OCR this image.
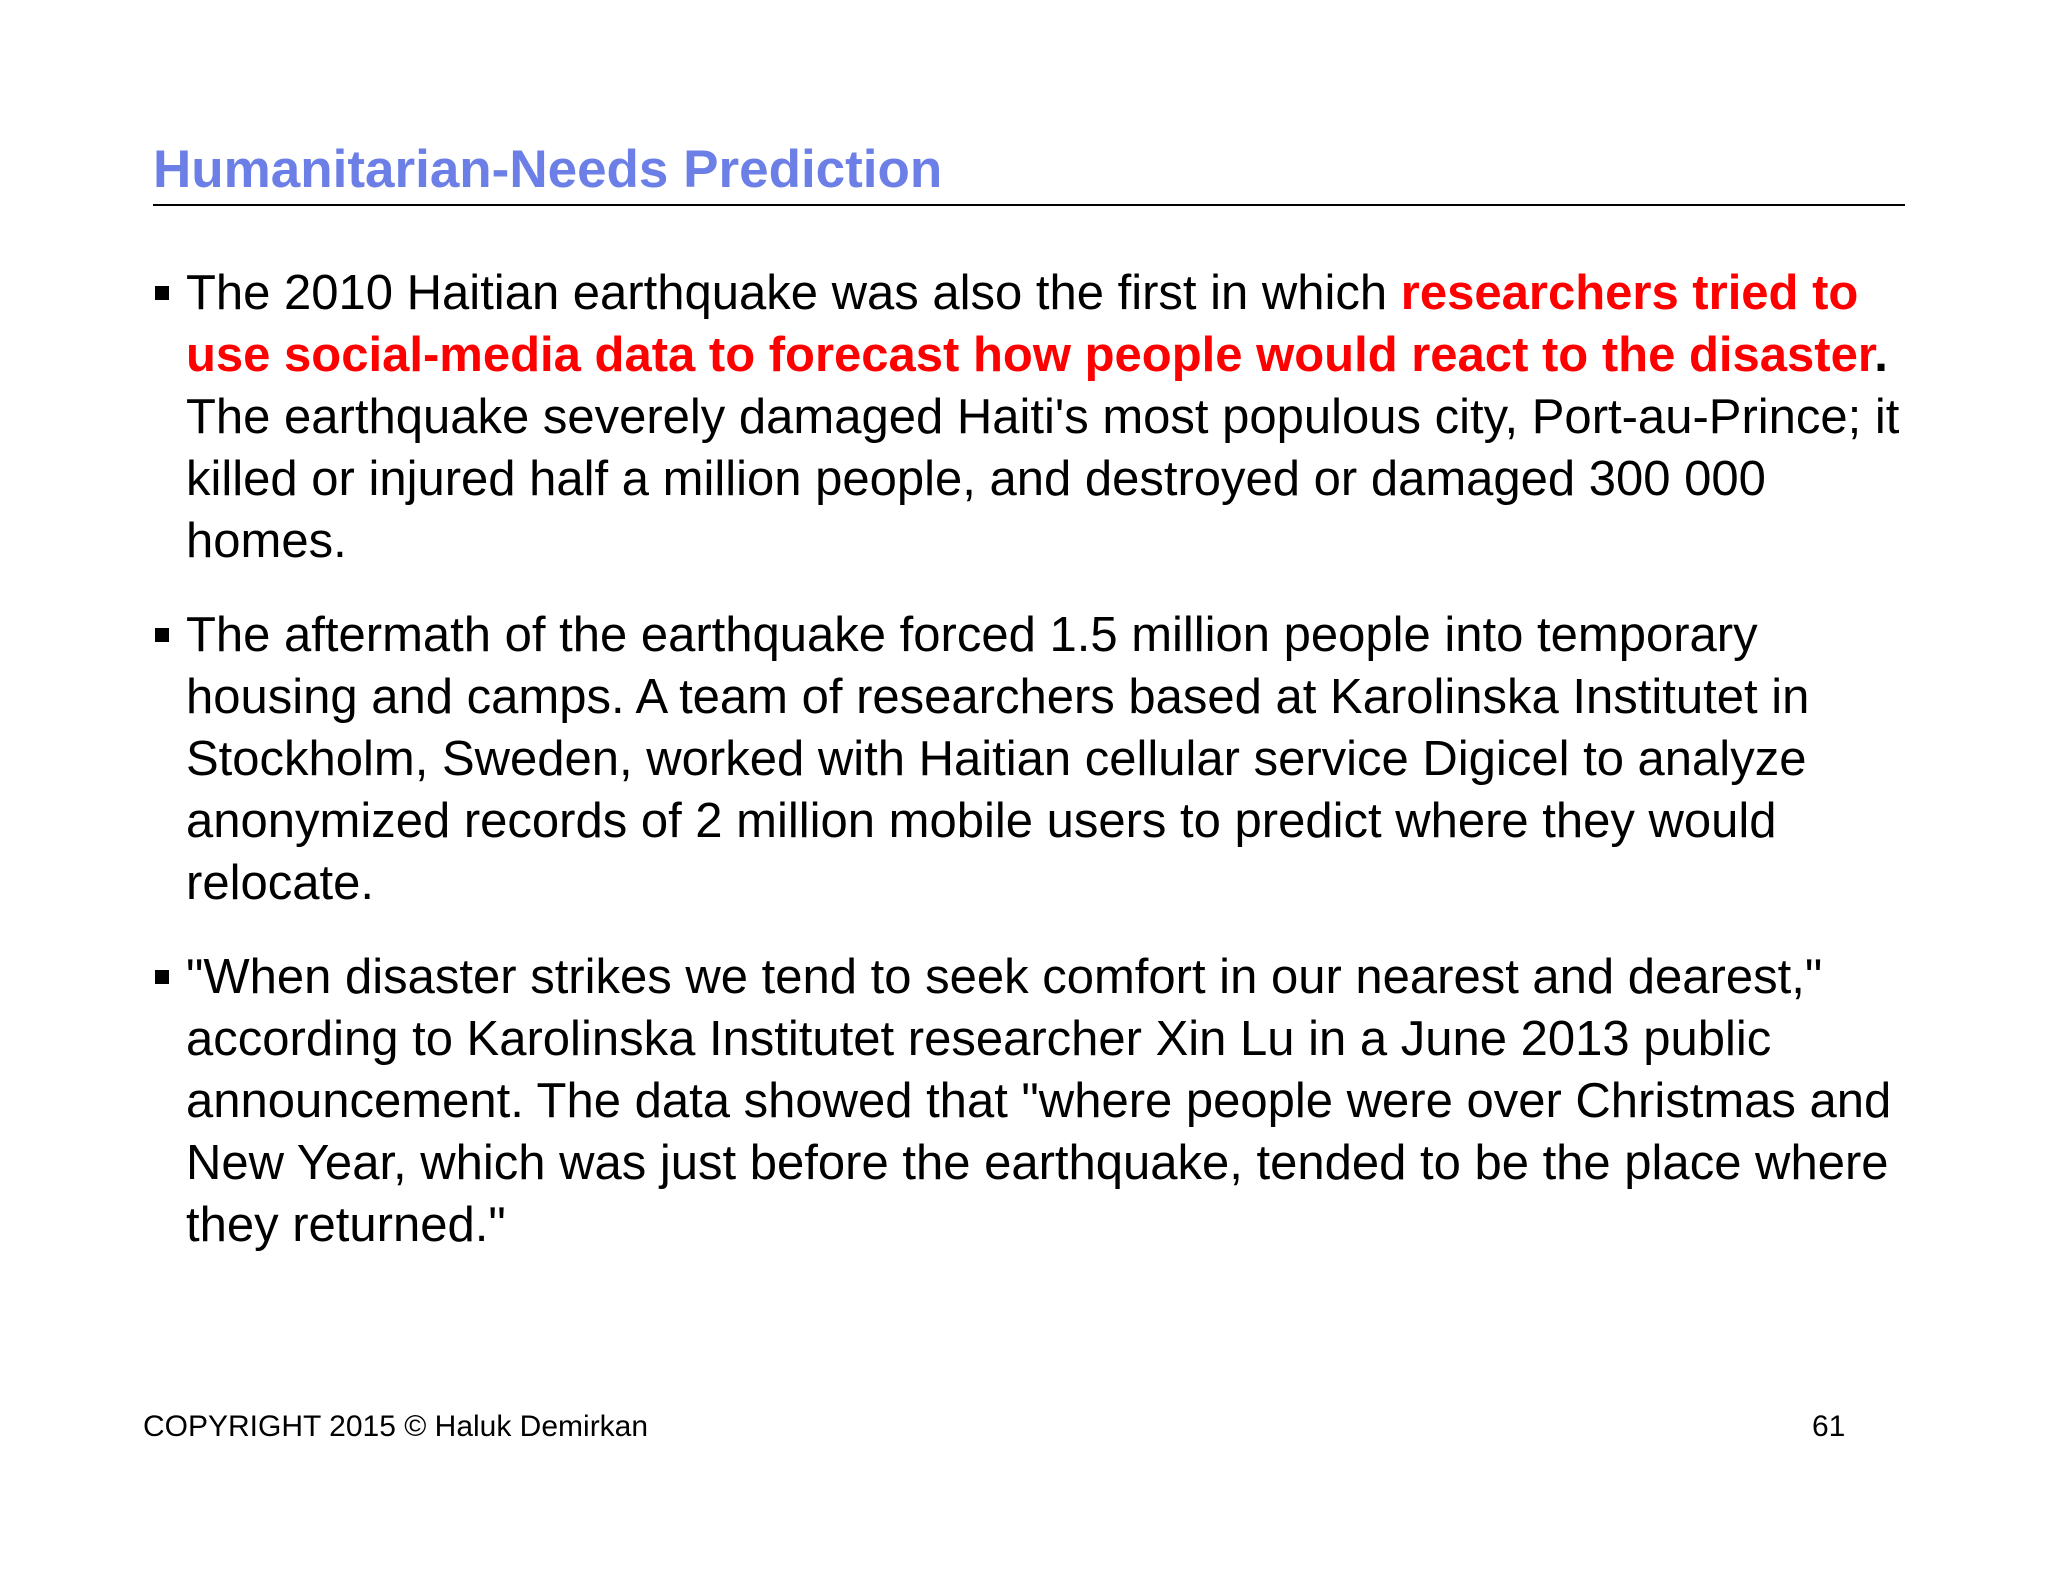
Humanitarian-Needs Prediction
The 2010 Haitian earthquake was also the first in which researchers tried to use social-media data to forecast how people would react to the disaster. The earthquake severely damaged Haiti's most populous city, Port-au-Prince; it killed or injured half a million people, and destroyed or damaged 300 000 homes.
The aftermath of the earthquake forced 1.5 million people into temporary housing and camps. A team of researchers based at Karolinska Institutet in Stockholm, Sweden, worked with Haitian cellular service Digicel to analyze anonymized records of 2 million mobile users to predict where they would relocate.
"When disaster strikes we tend to seek comfort in our nearest and dearest," according to Karolinska Institutet researcher Xin Lu in a June 2013 public announcement. The data showed that "where people were over Christmas and New Year, which was just before the earthquake, tended to be the place where they returned."
COPYRIGHT 2015 © Haluk Demirkan	61
